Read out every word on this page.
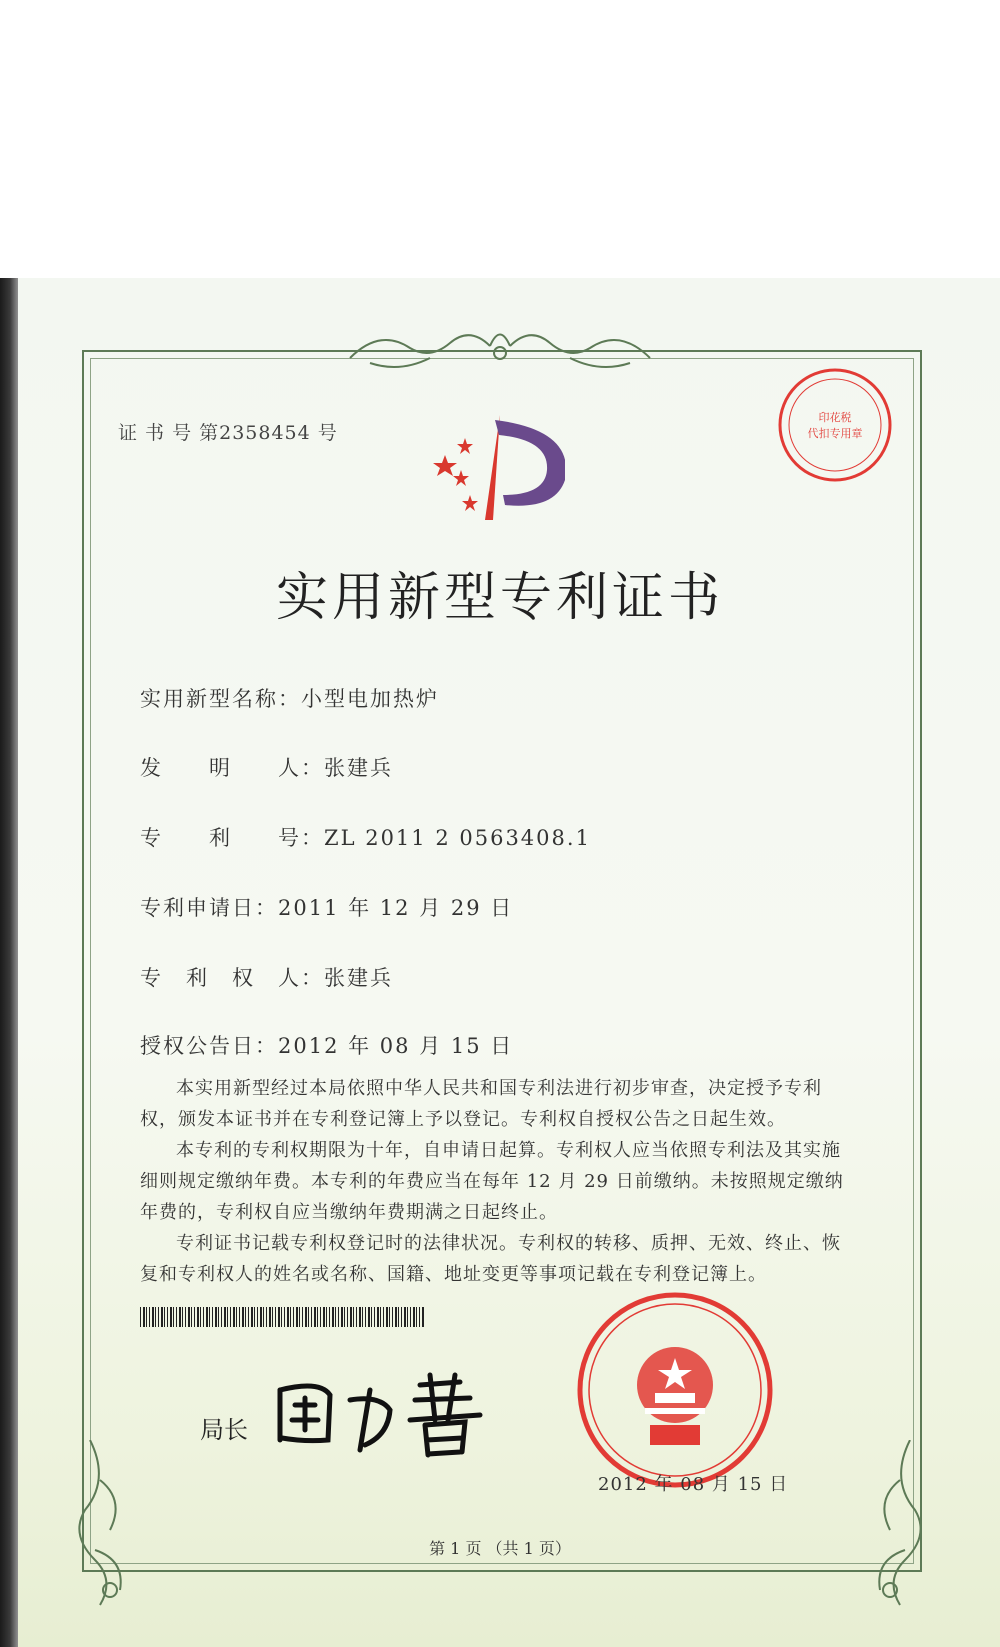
证 书 号 第2358454 号
印花税
代扣专用章
实用新型专利证书
实用新型名称：小型电加热炉
发　　明　　人：张建兵
专　　利　　号：ZL 2011 2 0563408.1
专利申请日：2011 年 12 月 29 日
专　利　权　人：张建兵
授权公告日：2012 年 08 月 15 日
本实用新型经过本局依照中华人民共和国专利法进行初步审查，决定授予专利权，颁发本证书并在专利登记簿上予以登记。专利权自授权公告之日起生效。
本专利的专利权期限为十年，自申请日起算。专利权人应当依照专利法及其实施细则规定缴纳年费。本专利的年费应当在每年 12 月 29 日前缴纳。未按照规定缴纳年费的，专利权自应当缴纳年费期满之日起终止。
专利证书记载专利权登记时的法律状况。专利权的转移、质押、无效、终止、恢复和专利权人的姓名或名称、国籍、地址变更等事项记载在专利登记簿上。
局长
2012 年 08 月 15 日
第 1 页 （共 1 页）
